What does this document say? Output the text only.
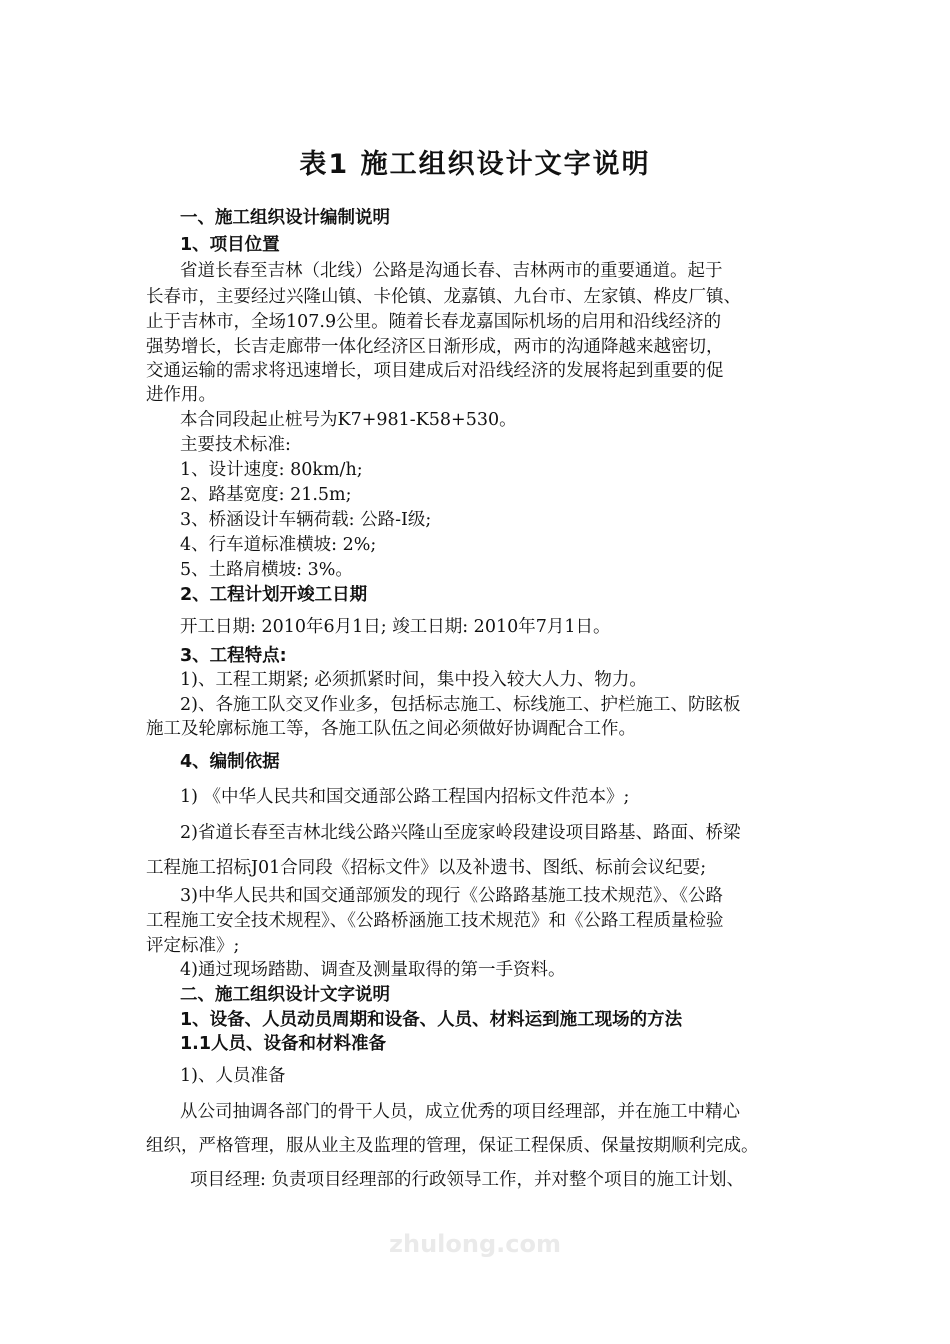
表1 施工组织设计文字说明
一、施工组织设计编制说明
1、项目位置
省道长春至吉林（北线）公路是沟通长春、吉林两市的重要通道。起于
长春市，主要经过兴隆山镇、卡伦镇、龙嘉镇、九台市、左家镇、桦皮厂镇、
止于吉林市，全场107.9公里。随着长春龙嘉国际机场的启用和沿线经济的
强势增长，长吉走廊带一体化经济区日渐形成，两市的沟通降越来越密切，
交通运输的需求将迅速增长，项目建成后对沿线经济的发展将起到重要的促
进作用。
本合同段起止桩号为K7+981-K58+530。
主要技术标准:
1、设计速度: 80km/h;
2、路基宽度: 21.5m;
3、桥涵设计车辆荷载: 公路-I级;
4、行车道标准横坡: 2%;
5、土路肩横坡: 3%。
2、工程计划开竣工日期
开工日期: 2010年6月1日; 竣工日期: 2010年7月1日。
3、工程特点:
1)、工程工期紧; 必须抓紧时间，集中投入较大人力、物力。
2)、各施工队交叉作业多，包括标志施工、标线施工、护栏施工、防眩板
施工及轮廓标施工等，各施工队伍之间必须做好协调配合工作。
4、编制依据
1) 《中华人民共和国交通部公路工程国内招标文件范本》;
2)省道长春至吉林北线公路兴隆山至庞家岭段建设项目路基、路面、桥梁
工程施工招标J01合同段《招标文件》以及补遗书、图纸、标前会议纪要;
3)中华人民共和国交通部颁发的现行《公路路基施工技术规范》、《公路
工程施工安全技术规程》、《公路桥涵施工技术规范》和《公路工程质量检验
评定标准》;
4)通过现场踏勘、调查及测量取得的第一手资料。
二、施工组织设计文字说明
1、设备、人员动员周期和设备、人员、材料运到施工现场的方法
1.1人员、设备和材料准备
1)、人员准备
从公司抽调各部门的骨干人员，成立优秀的项目经理部，并在施工中精心
组织，严格管理，服从业主及监理的管理，保证工程保质、保量按期顺利完成。
项目经理: 负责项目经理部的行政领导工作，并对整个项目的施工计划、
zhulong.com
